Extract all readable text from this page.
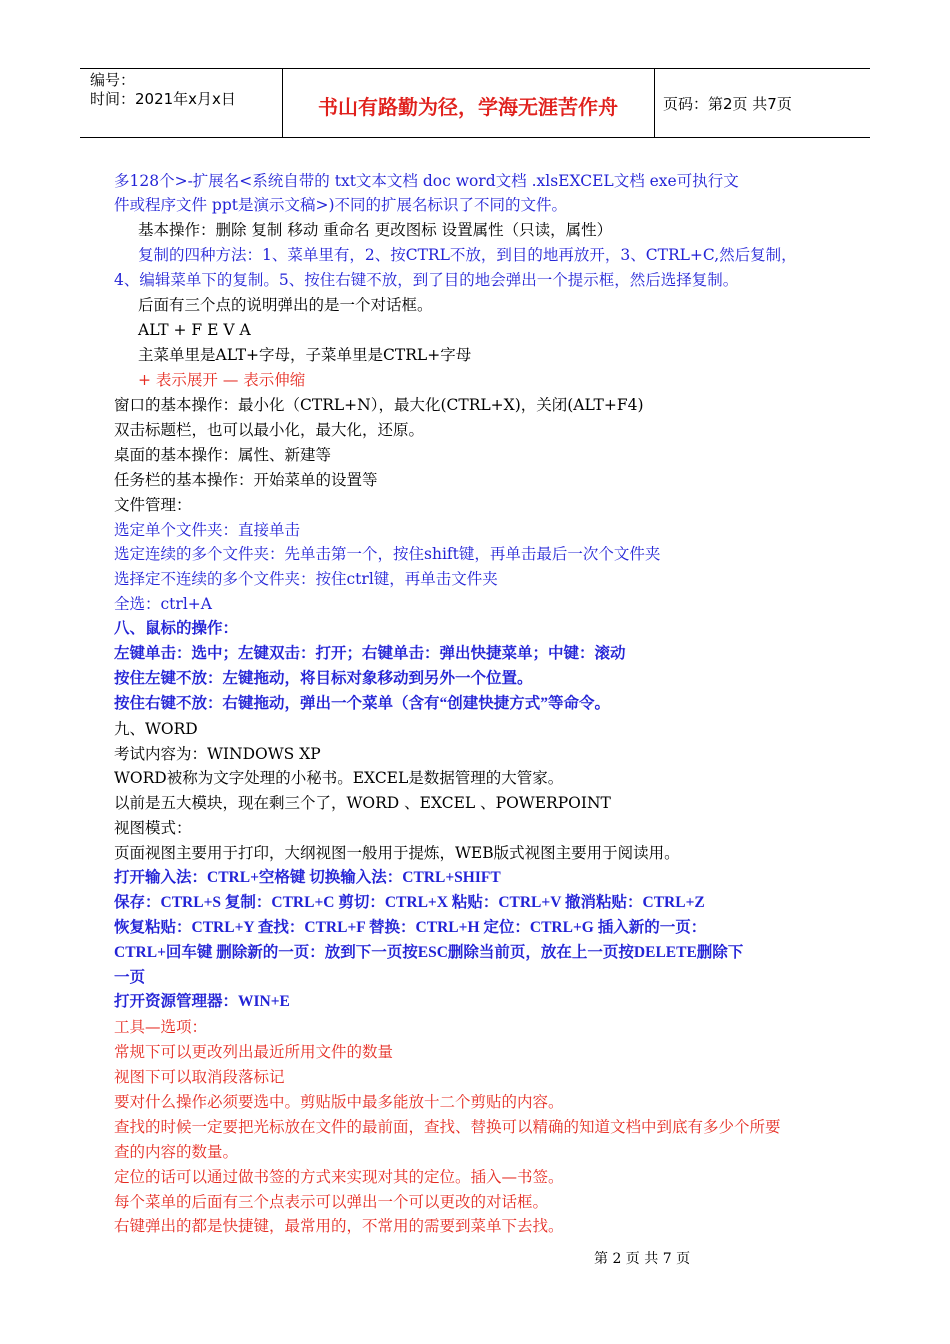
编号：
时间：2021年x月x日	书山有路勤为径，学海无涯苦作舟	页码：第2页 共7页
多128个>-扩展名<系统自带的 txt文本文档 doc word文档 .xlsEXCEL文档 exe可执行文
件或程序文件 ppt是演示文稿>)不同的扩展名标识了不同的文件。
基本操作：删除 复制 移动 重命名 更改图标 设置属性（只读，属性）
复制的四种方法：1、菜单里有，2、按CTRL不放，到目的地再放开，3、CTRL+C,然后复制，
4、编辑菜单下的复制。5、按住右键不放，到了目的地会弹出一个提示框，然后选择复制。
后面有三个点的说明弹出的是一个对话框。
ALT + F E V A
主菜单里是ALT+字母，子菜单里是CTRL+字母
+ 表示展开 — 表示伸缩
窗口的基本操作：最小化（CTRL+N），最大化(CTRL+X)，关闭(ALT+F4)
双击标题栏，也可以最小化，最大化，还原。
桌面的基本操作：属性、新建等
任务栏的基本操作：开始菜单的设置等
文件管理：
选定单个文件夹：直接单击
选定连续的多个文件夹：先单击第一个，按住shift键，再单击最后一次个文件夹
选择定不连续的多个文件夹：按住ctrl键，再单击文件夹
全选：ctrl+A
八、鼠标的操作：
左键单击：选中；左键双击：打开；右键单击：弹出快捷菜单；中键：滚动
按住左键不放：左键拖动，将目标对象移动到另外一个位置。
按住右键不放：右键拖动，弹出一个菜单（含有“创建快捷方式”等命令。
九、WORD
考试内容为：WINDOWS XP
WORD被称为文字处理的小秘书。EXCEL是数据管理的大管家。
以前是五大模块，现在剩三个了，WORD 、EXCEL 、POWERPOINT
视图模式：
页面视图主要用于打印，大纲视图一般用于提炼，WEB版式视图主要用于阅读用。
打开输入法：CTRL+空格键 切换输入法：CTRL+SHIFT
保存：CTRL+S 复制：CTRL+C 剪切：CTRL+X 粘贴：CTRL+V 撤消粘贴：CTRL+Z
恢复粘贴：CTRL+Y 查找：CTRL+F 替换：CTRL+H 定位：CTRL+G 插入新的一页：
CTRL+回车键 删除新的一页：放到下一页按ESC删除当前页，放在上一页按DELETE删除下
一页
打开资源管理器：WIN+E
工具—选项：
常规下可以更改列出最近所用文件的数量
视图下可以取消段落标记
要对什么操作必须要选中。剪贴版中最多能放十二个剪贴的内容。
查找的时候一定要把光标放在文件的最前面，查找、替换可以精确的知道文档中到底有多少个所要
查的内容的数量。
定位的话可以通过做书签的方式来实现对其的定位。插入—书签。
每个菜单的后面有三个点表示可以弹出一个可以更改的对话框。
右键弹出的都是快捷键，最常用的，不常用的需要到菜单下去找。
第 2 页 共 7 页
